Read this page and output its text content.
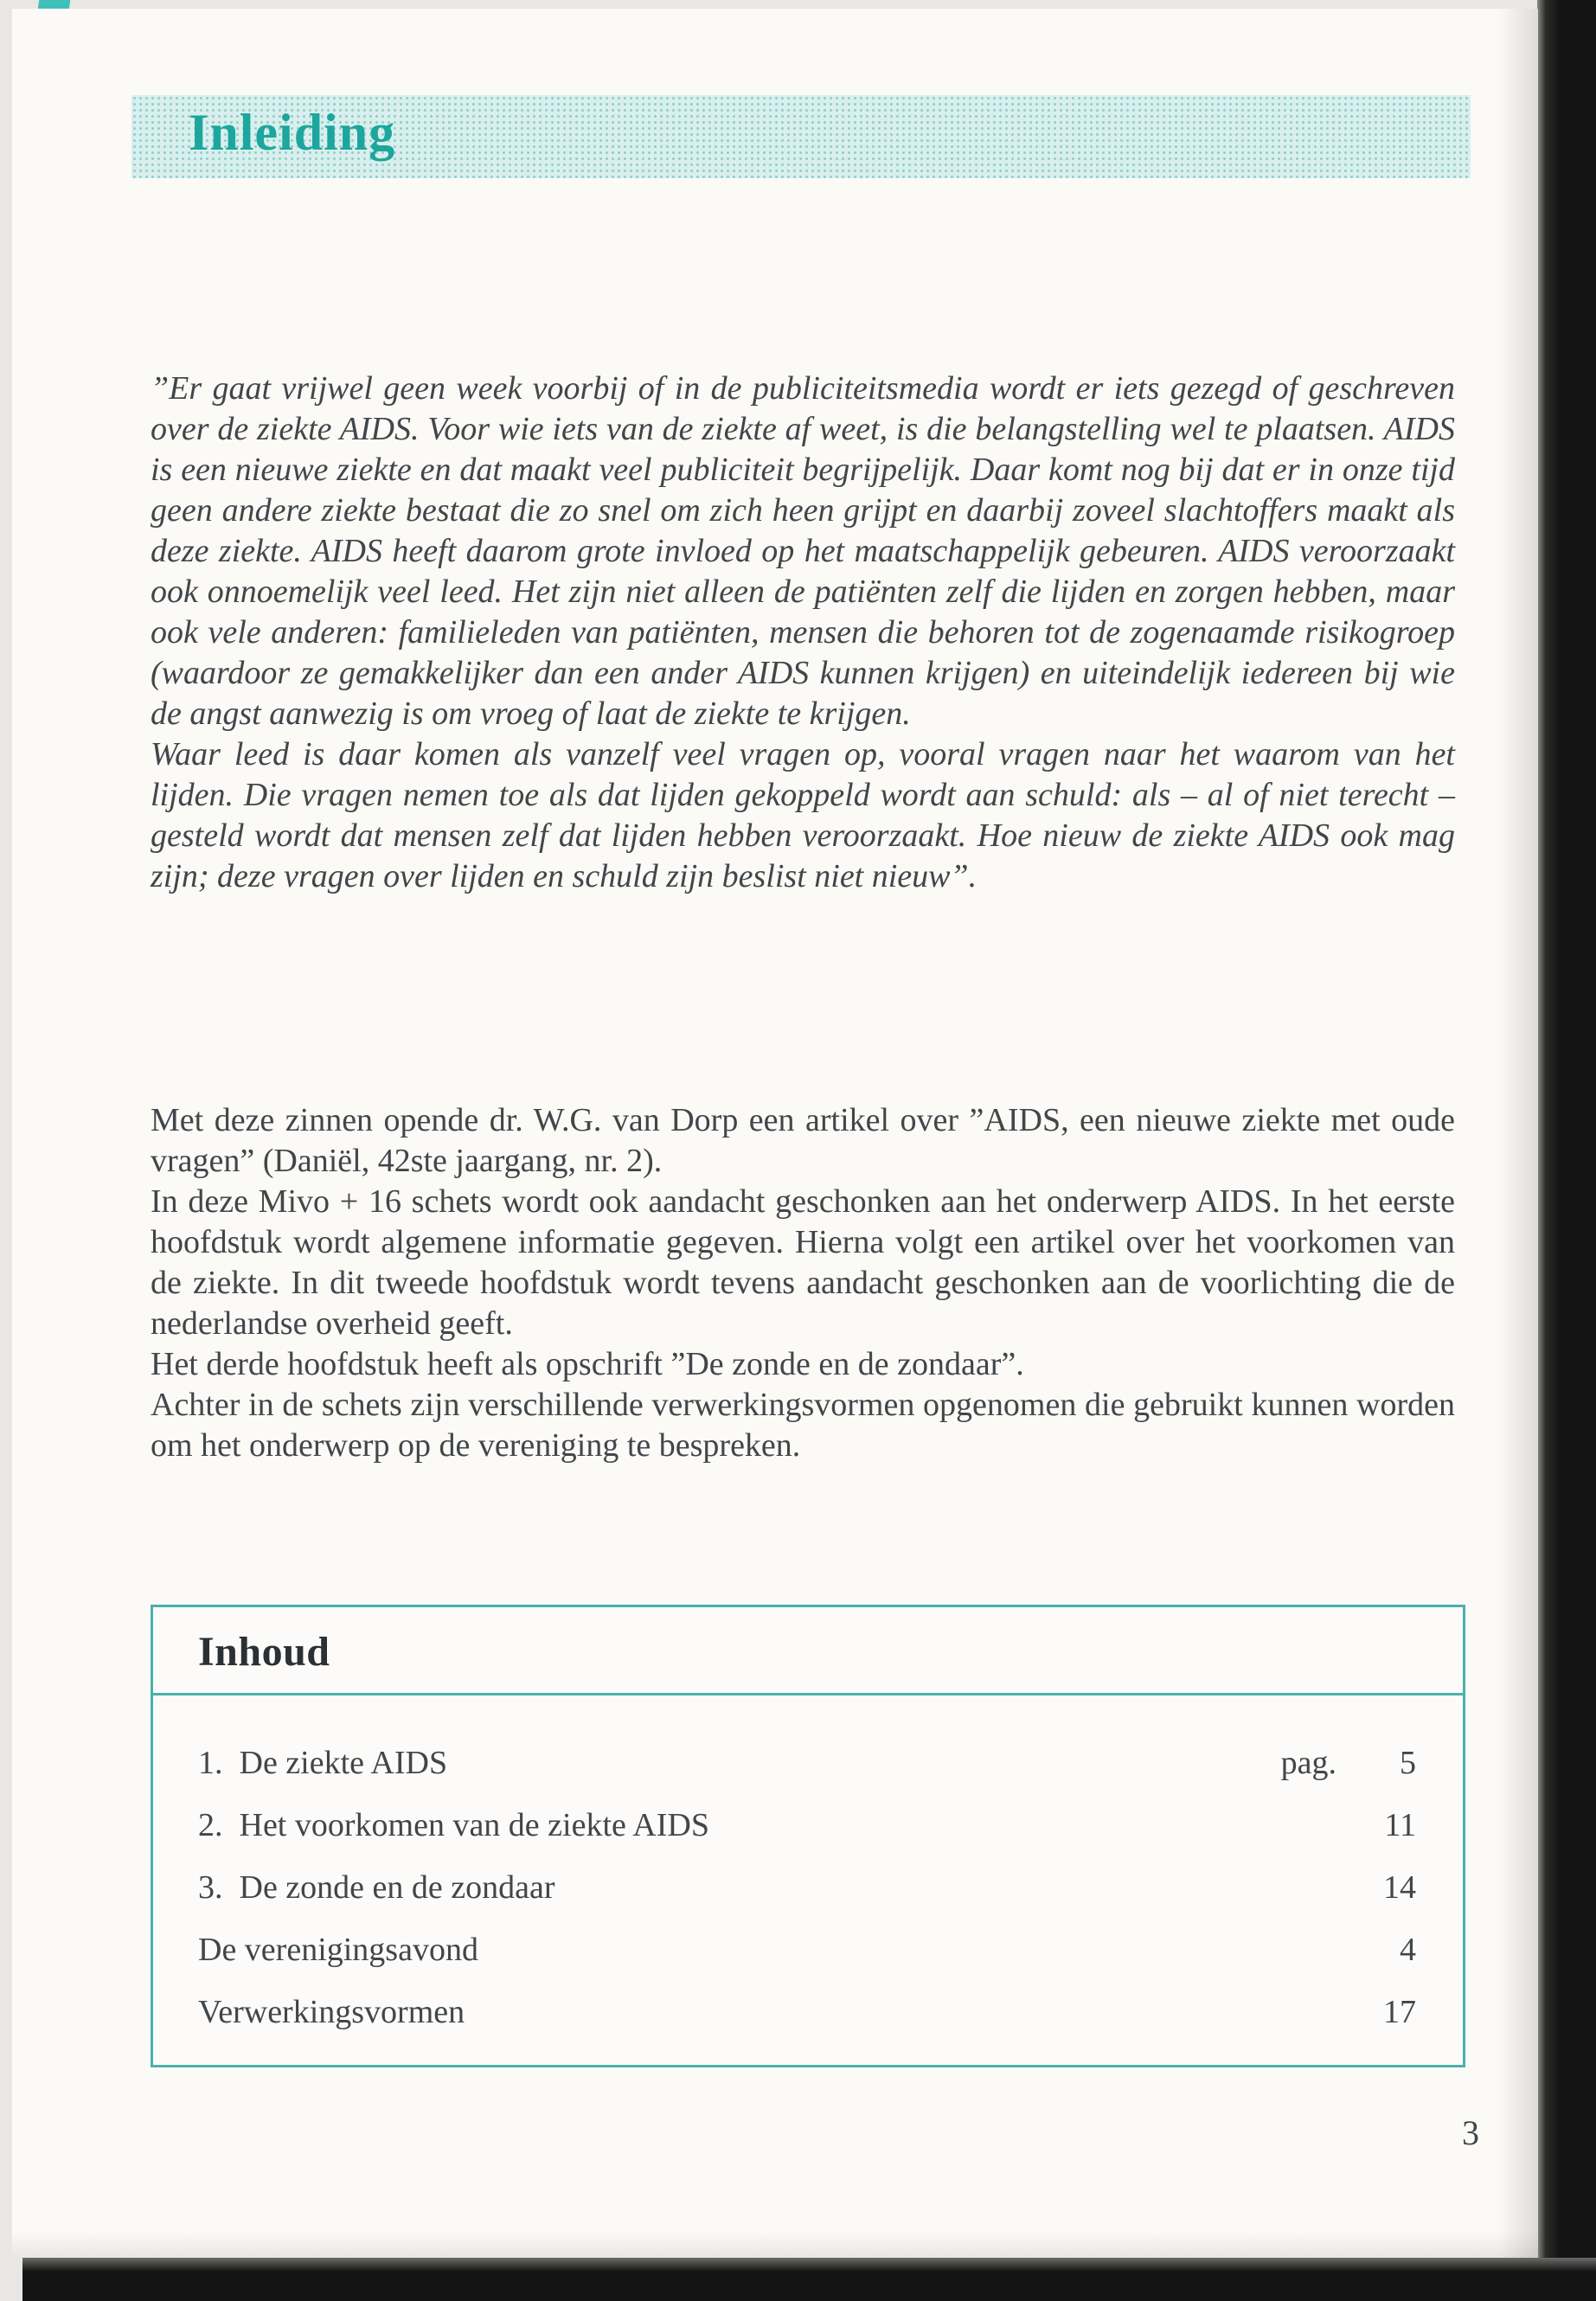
Inleiding

”Er gaat vrijwel geen week voorbij of in de publiciteitsmedia wordt er iets gezegd of geschreven over de ziekte AIDS. Voor wie iets van de ziekte af weet, is die belangstelling wel te plaatsen. AIDS is een nieuwe ziekte en dat maakt veel publiciteit begrijpelijk. Daar komt nog bij dat er in onze tijd geen andere ziekte bestaat die zo snel om zich heen grijpt en daarbij zoveel slachtoffers maakt als deze ziekte. AIDS heeft daarom grote invloed op het maatschappelijk gebeuren. AIDS veroorzaakt ook onnoemelijk veel leed. Het zijn niet alleen de patiënten zelf die lijden en zorgen hebben, maar ook vele anderen: familieleden van patiënten, mensen die behoren tot de zogenaamde risikogroep (waardoor ze gemakkelijker dan een ander AIDS kunnen krijgen) en uiteindelijk iedereen bij wie de angst aanwezig is om vroeg of laat de ziekte te krijgen.

Waar leed is daar komen als vanzelf veel vragen op, vooral vragen naar het waarom van het lijden. Die vragen nemen toe als dat lijden gekoppeld wordt aan schuld: als – al of niet terecht – gesteld wordt dat mensen zelf dat lijden hebben veroorzaakt. Hoe nieuw de ziekte AIDS ook mag zijn; deze vragen over lijden en schuld zijn beslist niet nieuw”.

Met deze zinnen opende dr. W.G. van Dorp een artikel over ”AIDS, een nieuwe ziekte met oude vragen” (Daniël, 42ste jaargang, nr. 2).

In deze Mivo + 16 schets wordt ook aandacht geschonken aan het onderwerp AIDS. In het eerste hoofdstuk wordt algemene informatie gegeven. Hierna volgt een artikel over het voorkomen van de ziekte. In dit tweede hoofdstuk wordt tevens aandacht geschonken aan de voorlichting die de nederlandse overheid geeft.

Het derde hoofdstuk heeft als opschrift ”De zonde en de zondaar”.

Achter in de schets zijn verschillende verwerkingsvormen opgenomen die gebruikt kunnen worden om het onderwerp op de vereniging te bespreken.

Inhoud
1.  De ziekte AIDS	pag.	5
2.  Het voorkomen van de ziekte AIDS	11
3.  De zonde en de zondaar	14
De verenigingsavond	4
Verwerkingsvormen	17
3
